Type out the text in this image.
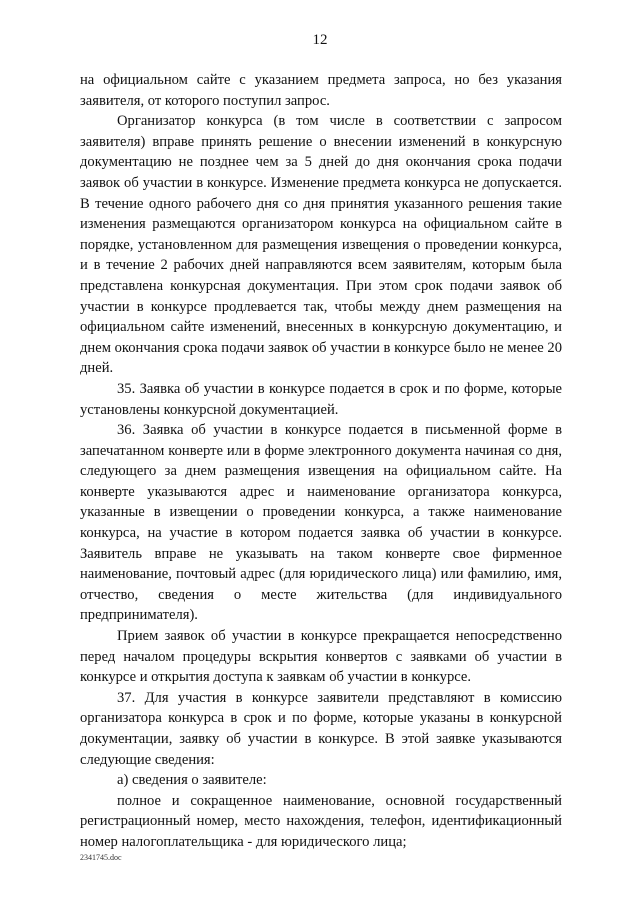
12

на официальном сайте с указанием предмета запроса, но без указания заявителя, от которого поступил запрос.

Организатор конкурса (в том числе в соответствии с запросом заявителя) вправе принять решение о внесении изменений в конкурсную документацию не позднее чем за 5 дней до дня окончания срока подачи заявок об участии в конкурсе. Изменение предмета конкурса не допускается. В течение одного рабочего дня со дня принятия указанного решения такие изменения размещаются организатором конкурса на официальном сайте в порядке, установленном для размещения извещения о проведении конкурса, и в течение 2 рабочих дней направляются всем заявителям, которым была представлена конкурсная документация. При этом срок подачи заявок об участии в конкурсе продлевается так, чтобы между днем размещения на официальном сайте изменений, внесенных в конкурсную документацию, и днем окончания срока подачи заявок об участии в конкурсе было не менее 20 дней.

35. Заявка об участии в конкурсе подается в срок и по форме, которые установлены конкурсной документацией.

36. Заявка об участии в конкурсе подается в письменной форме в запечатанном конверте или в форме электронного документа начиная со дня, следующего за днем размещения извещения на официальном сайте. На конверте указываются адрес и наименование организатора конкурса, указанные в извещении о проведении конкурса, а также наименование конкурса, на участие в котором подается заявка об участии в конкурсе. Заявитель вправе не указывать на таком конверте свое фирменное наименование, почтовый адрес (для юридического лица) или фамилию, имя, отчество, сведения о месте жительства (для индивидуального предпринимателя).

Прием заявок об участии в конкурсе прекращается непосредственно перед началом процедуры вскрытия конвертов с заявками об участии в конкурсе и открытия доступа к заявкам об участии в конкурсе.

37. Для участия в конкурсе заявители представляют в комиссию организатора конкурса в срок и по форме, которые указаны в конкурсной документации, заявку об участии в конкурсе. В этой заявке указываются следующие сведения:

а) сведения о заявителе:

полное и сокращенное наименование, основной государственный регистрационный номер, место нахождения, телефон, идентификационный номер налогоплательщика - для юридического лица;

2341745.doc
